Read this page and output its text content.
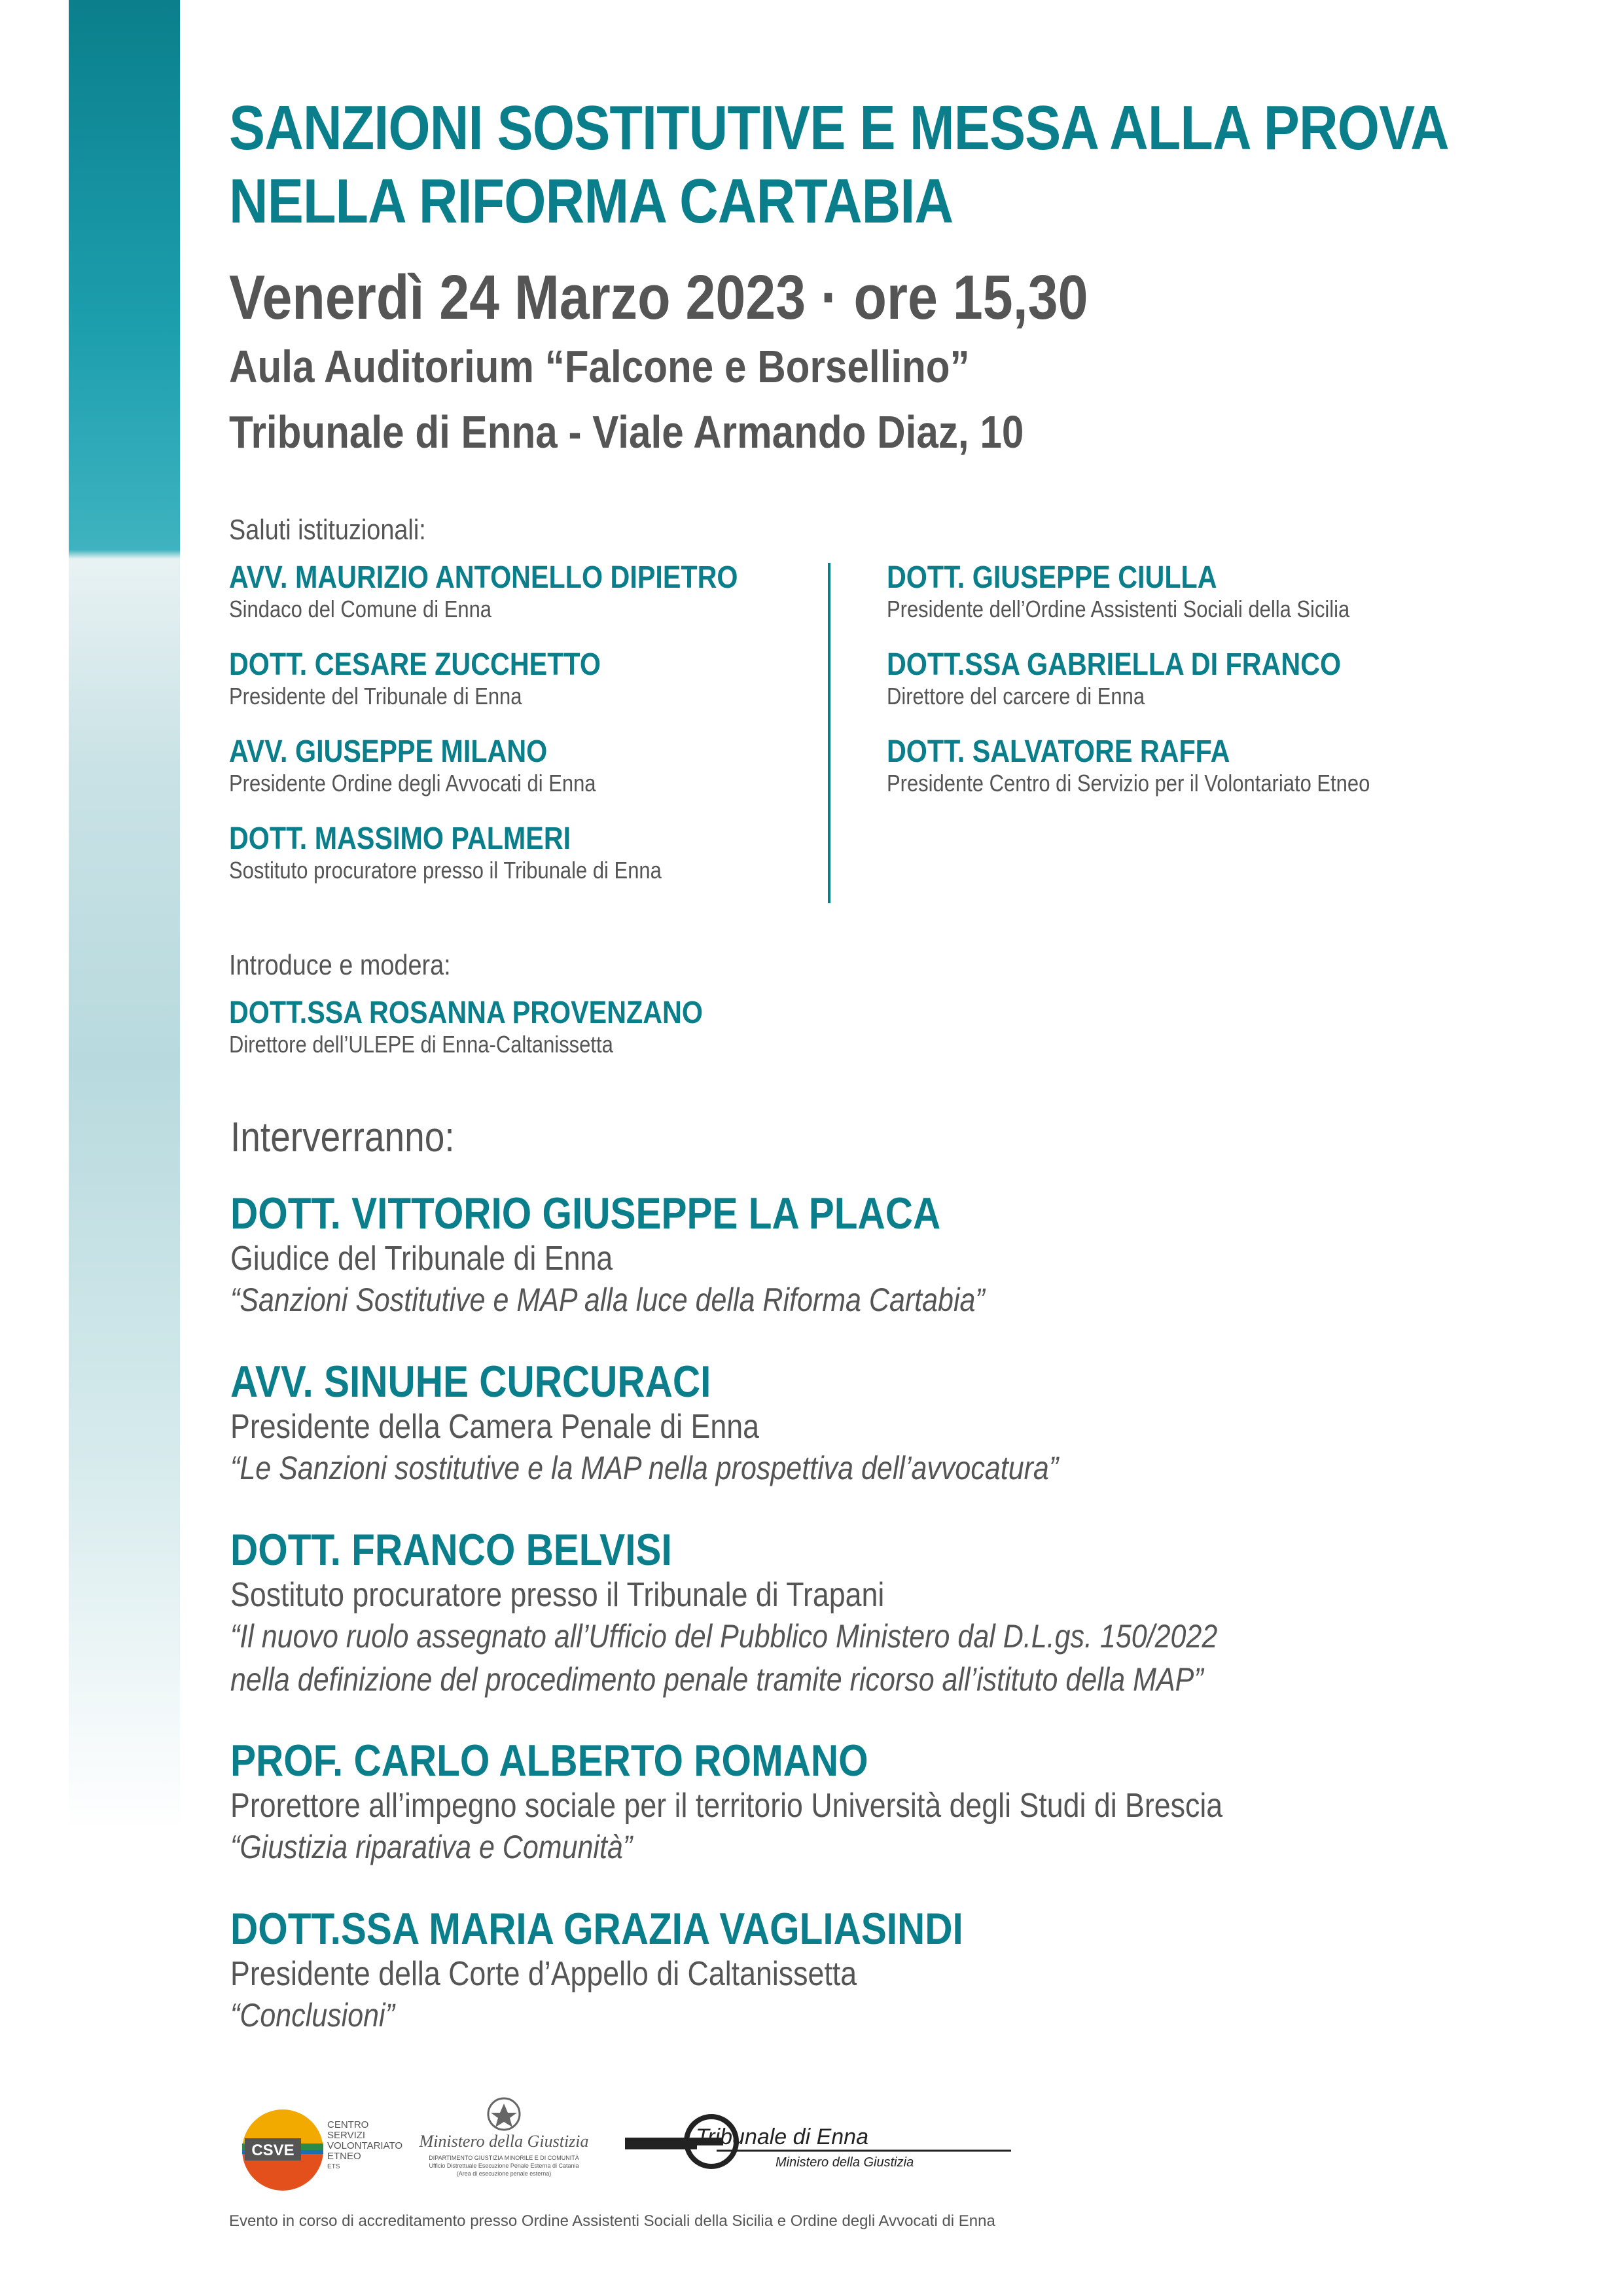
SANZIONI SOSTITUTIVE E MESSA ALLA PROVA
NELLA RIFORMA CARTABIA
Venerdì 24 Marzo 2023 · ore 15,30
Aula Auditorium “Falcone e Borsellino”
Tribunale di Enna - Viale Armando Diaz, 10
Saluti istituzionali:
AVV. MAURIZIO ANTONELLO DIPIETRO
Sindaco del Comune di Enna
DOTT. CESARE ZUCCHETTO
Presidente del Tribunale di Enna
AVV. GIUSEPPE MILANO
Presidente Ordine degli Avvocati di Enna
DOTT. MASSIMO PALMERI
Sostituto procuratore presso il Tribunale di Enna
DOTT. GIUSEPPE CIULLA
Presidente dell’Ordine Assistenti Sociali della Sicilia
DOTT.SSA GABRIELLA DI FRANCO
Direttore del carcere di Enna
DOTT. SALVATORE RAFFA
Presidente Centro di Servizio per il Volontariato Etneo
Introduce e modera:
DOTT.SSA ROSANNA PROVENZANO
Direttore dell’ULEPE di Enna-Caltanissetta
Interverranno:
DOTT. VITTORIO GIUSEPPE LA PLACA
Giudice del Tribunale di Enna
“Sanzioni Sostitutive e MAP alla luce della Riforma Cartabia”
AVV. SINUHE CURCURACI
Presidente della Camera Penale di Enna
“Le Sanzioni sostitutive e la MAP nella prospettiva dell’avvocatura”
DOTT. FRANCO BELVISI
Sostituto procuratore presso il Tribunale di Trapani
“Il nuovo ruolo assegnato all’Ufficio del Pubblico Ministero dal D.L.gs. 150/2022
nella definizione del procedimento penale tramite ricorso all’istituto della MAP”
PROF. CARLO ALBERTO ROMANO
Prorettore all’impegno sociale per il territorio Università degli Studi di Brescia
“Giustizia riparativa e Comunità”
DOTT.SSA MARIA GRAZIA VAGLIASINDI
Presidente della Corte d’Appello di Caltanissetta
“Conclusioni”
CSVE
CENTRO
SERVIZI
VOLONTARIATO
ETNEO
ETS
Ministero della Giustizia
DIPARTIMENTO GIUSTIZIA MINORILE E DI COMUNITÀ
Ufficio Distrettuale Esecuzione Penale Esterna di Catania
(Area di esecuzione penale esterna)
Tribunale di Enna
Ministero della Giustizia
Evento in corso di accreditamento presso Ordine Assistenti Sociali della Sicilia e Ordine degli Avvocati di Enna
